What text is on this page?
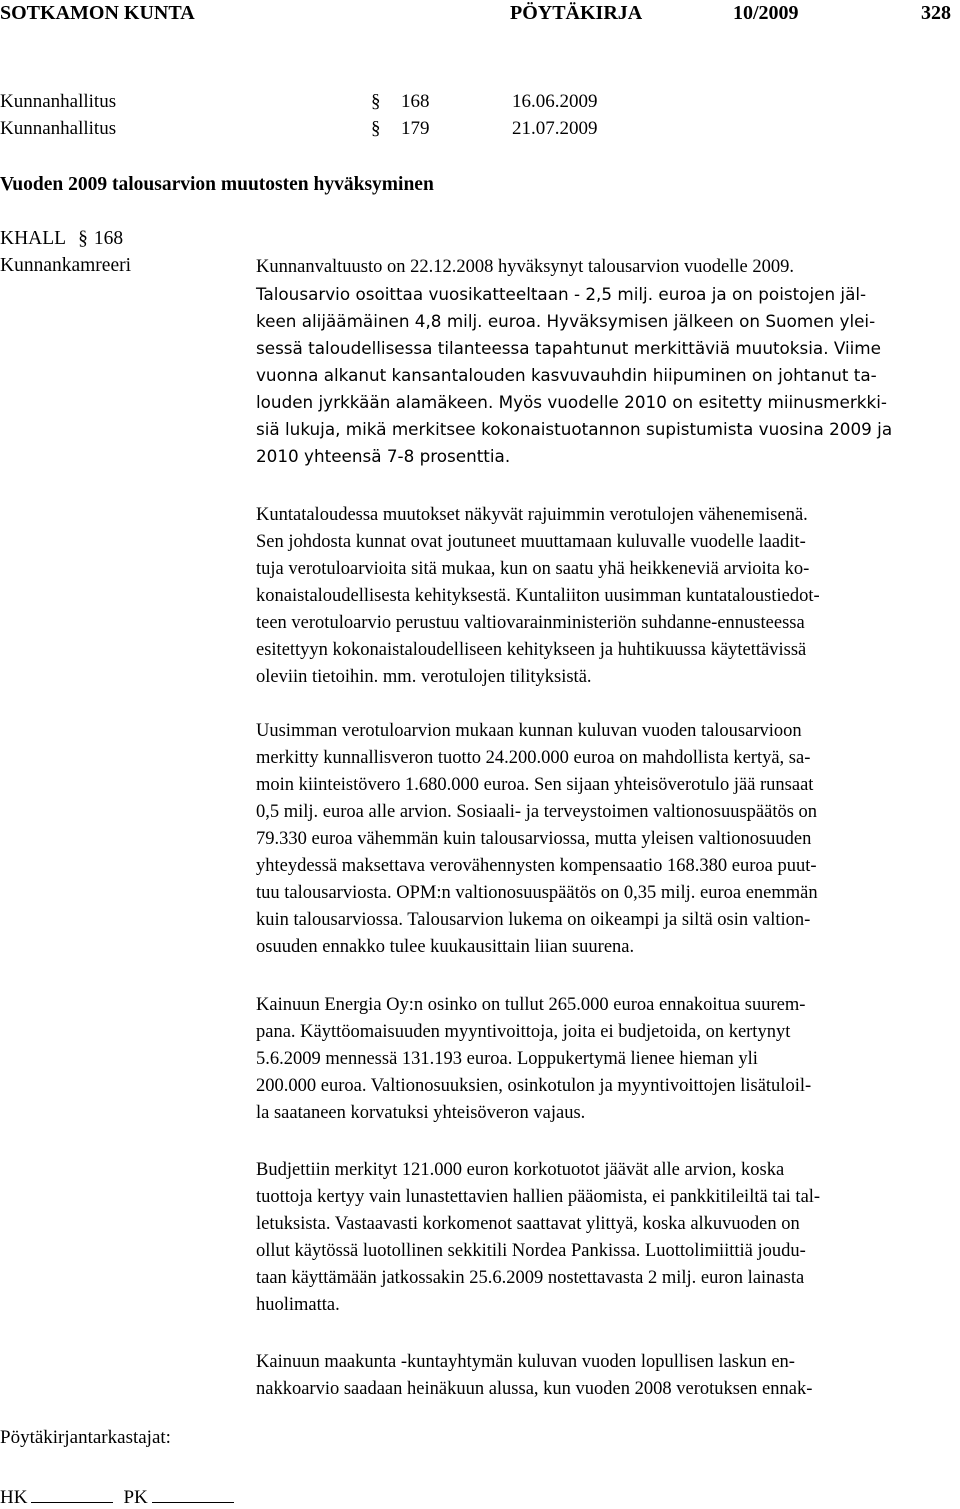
SOTKAMON KUNTA	PÖYTÄKIRJA	10/2009	328
Kunnanhallitus	§ 168	16.06.2009
Kunnanhallitus	§ 179	21.07.2009
Vuoden 2009 talousarvion muutosten hyväksyminen
KHALL § 168
Kunnankamreeri	Kunnanvaltuusto on 22.12.2008 hyväksynyt talousarvion vuodelle 2009.
Talousarvio osoittaa vuosikatteeltaan - 2,5 milj. euroa ja on poistojen jäl-
keen alijäämäinen 4,8 milj. euroa. Hyväksymisen jälkeen on Suomen ylei-
sessä taloudellisessa tilanteessa tapahtunut merkittäviä muutoksia. Viime
vuonna alkanut kansantalouden kasvuvauhdin hiipuminen on johtanut ta-
louden jyrkkään alamäkeen. Myös vuodelle 2010 on esitetty miinusmerkki-
siä lukuja, mikä merkitsee kokonaistuotannon supistumista vuosina 2009 ja
2010 yhteensä 7-8 prosenttia.
Kuntataloudessa muutokset näkyvät rajuimmin verotulojen vähenemisenä.
Sen johdosta kunnat ovat joutuneet muuttamaan kuluvalle vuodelle laadit-
tuja verotuloarvioita sitä mukaa, kun on saatu yhä heikkeneviä arvioita ko-
konaistaloudellisesta kehityksestä. Kuntaliiton uusimman kuntataloustiedot-
teen verotuloarvio perustuu valtiovarainministeriön suhdanne-ennusteessa
esitettyyn kokonaistaloudelliseen kehitykseen ja huhtikuussa käytettävissä
oleviin tietoihin. mm. verotulojen tilityksistä.
Uusimman verotuloarvion mukaan kunnan kuluvan vuoden talousarvioon
merkitty kunnallisveron tuotto 24.200.000 euroa on mahdollista kertyä, sa-
moin kiinteistövero 1.680.000 euroa. Sen sijaan yhteisöverotulo jää runsaat
0,5 milj. euroa alle arvion. Sosiaali- ja terveystoimen valtionosuuspäätös on
79.330 euroa vähemmän kuin talousarviossa, mutta yleisen valtionosuuden
yhteydessä maksettava verovähennysten kompensaatio 168.380 euroa puut-
tuu talousarviosta. OPM:n valtionosuuspäätös on 0,35 milj. euroa enemmän
kuin talousarviossa. Talousarvion lukema on oikeampi ja siltä osin valtion-
osuuden ennakko tulee kuukausittain liian suurena.
Kainuun Energia Oy:n osinko on tullut 265.000 euroa ennakoitua suurem-
pana. Käyttöomaisuuden myyntivoittoja, joita ei budjetoida, on kertynyt
5.6.2009 mennessä 131.193 euroa. Loppukertymä lienee hieman yli
200.000 euroa. Valtionosuuksien, osinkotulon ja myyntivoittojen lisätuloil-
la saataneen korvatuksi yhteisöveron vajaus.
Budjettiin merkityt 121.000 euron korkotuotot jäävät alle arvion, koska
tuottoja kertyy vain lunastettavien hallien pääomista, ei pankkitileiltä tai tal-
letuksista. Vastaavasti korkomenot saattavat ylittyä, koska alkuvuoden on
ollut käytössä luotollinen sekkitili Nordea Pankissa. Luottolimiittiä joudu-
taan käyttämään jatkossakin 25.6.2009 nostettavasta 2 milj. euron lainasta
huolimatta.
Kainuun maakunta -kuntayhtymän kuluvan vuoden lopullisen laskun en-
nakkoarvio saadaan heinäkuun alussa, kun vuoden 2008 verotuksen ennak-
Pöytäkirjantarkastajat:
HK	PK
